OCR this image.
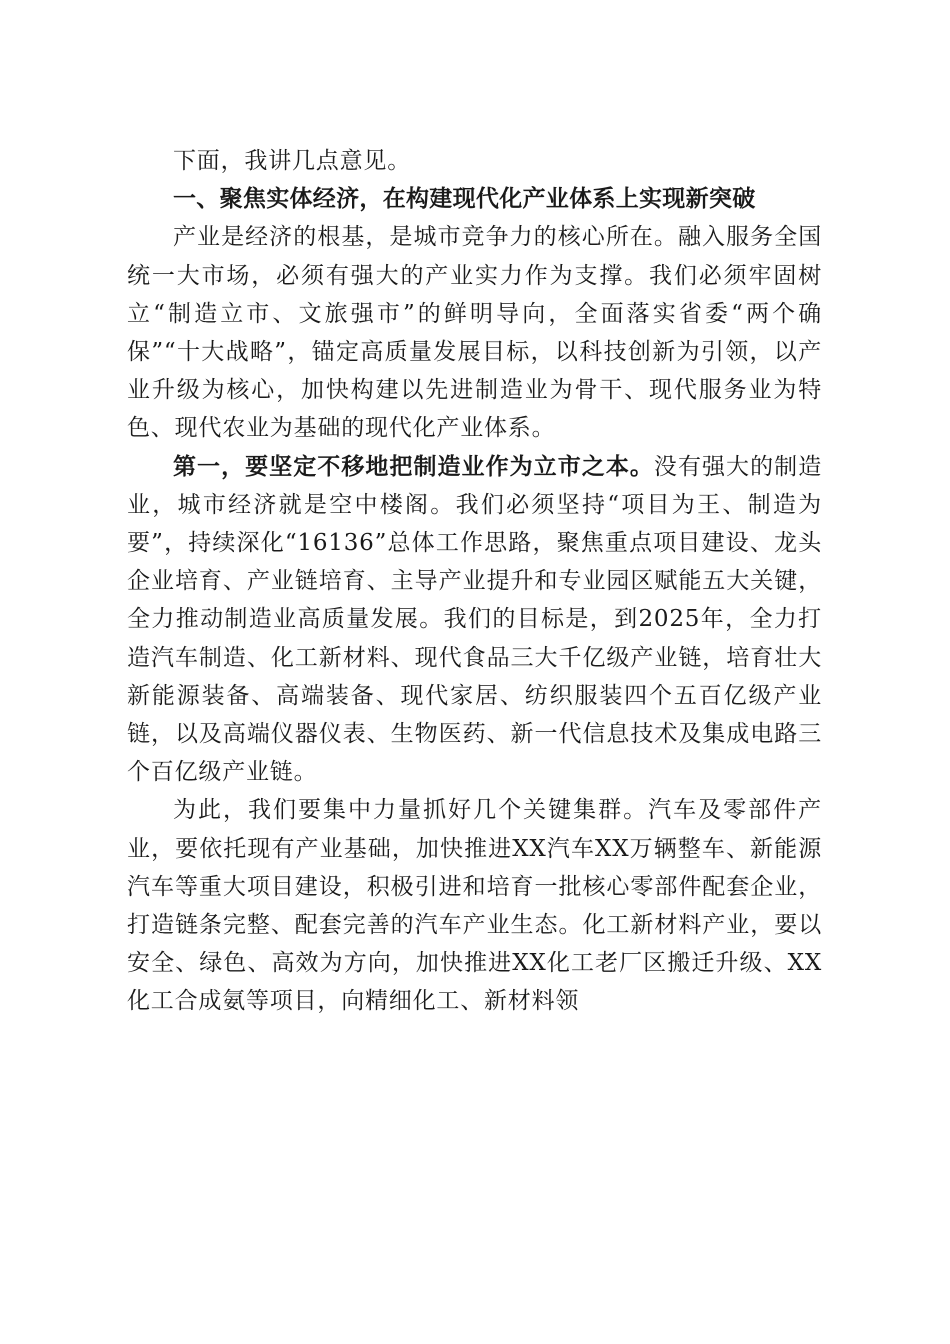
下面，我讲几点意见。

一、聚焦实体经济，在构建现代化产业体系上实现新突破

产业是经济的根基，是城市竞争力的核心所在。融入服务全国统一大市场，必须有强大的产业实力作为支撑。我们必须牢固树立“制造立市、文旅强市”的鲜明导向，全面落实省委“两个确保”“十大战略”，锚定高质量发展目标，以科技创新为引领，以产业升级为核心，加快构建以先进制造业为骨干、现代服务业为特色、现代农业为基础的现代化产业体系。

第一，要坚定不移地把制造业作为立市之本。没有强大的制造业，城市经济就是空中楼阁。我们必须坚持“项目为王、制造为要”，持续深化“16136”总体工作思路，聚焦重点项目建设、龙头企业培育、产业链培育、主导产业提升和专业园区赋能五大关键，全力推动制造业高质量发展。我们的目标是，到2025年，全力打造汽车制造、化工新材料、现代食品三大千亿级产业链，培育壮大新能源装备、高端装备、现代家居、纺织服装四个五百亿级产业链，以及高端仪器仪表、生物医药、新一代信息技术及集成电路三个百亿级产业链。

为此，我们要集中力量抓好几个关键集群。汽车及零部件产业，要依托现有产业基础，加快推进XX汽车XX万辆整车、新能源汽车等重大项目建设，积极引进和培育一批核心零部件配套企业，打造链条完整、配套完善的汽车产业生态。化工新材料产业，要以安全、绿色、高效为方向，加快推进XX化工老厂区搬迁升级、XX化工合成氨等项目，向精细化工、新材料领
